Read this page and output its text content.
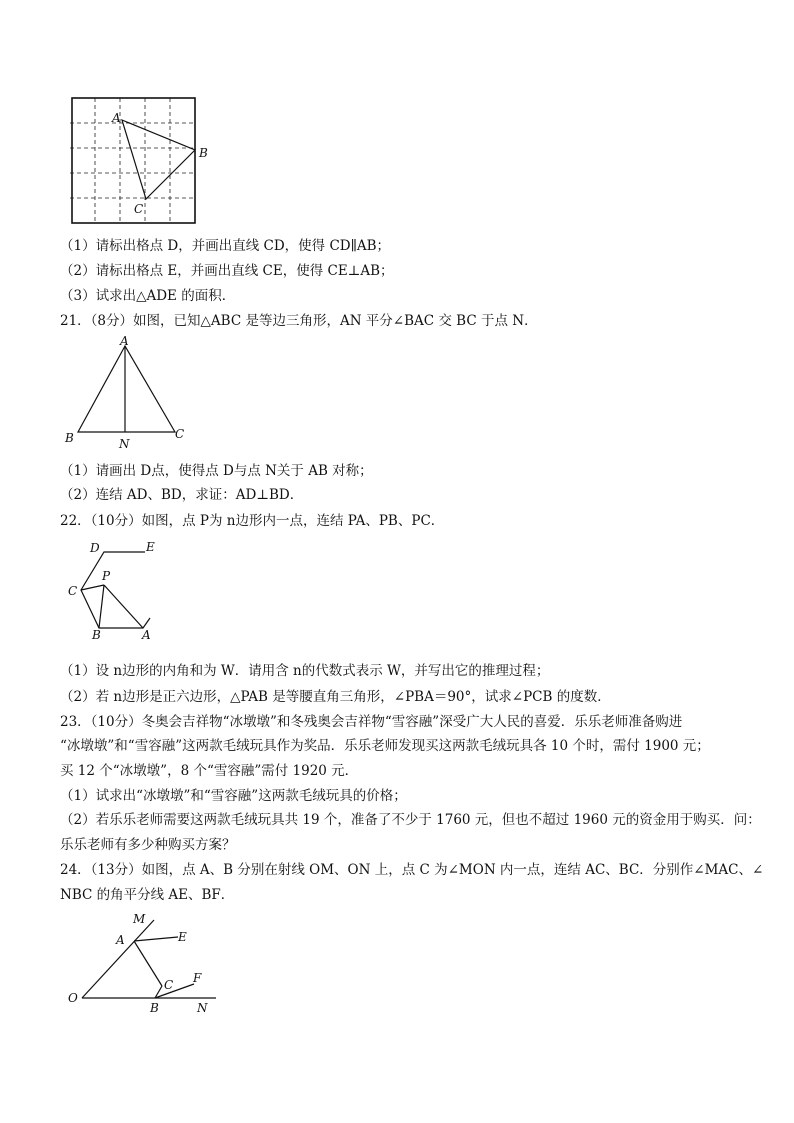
A
B
C
（1）请标出格点 D，并画出直线 CD，使得 CD∥AB；
（2）请标出格点 E，并画出直线 CE，使得 CE⊥AB；
（3）试求出△ADE 的面积．
21．（8分）如图，已知△ABC 是等边三角形，AN 平分∠BAC 交 BC 于点 N．
A
B	C
N
（1）请画出 D点，使得点 D与点 N关于 AB 对称；
（2）连结 AD、BD，求证：AD⊥BD．
22．（10分）如图，点 P为 n边形内一点，连结 PA、PB、PC．
D	E
C
P
B	A
（1）设 n边形的内角和为 W．请用含 n的代数式表示 W，并写出它的推理过程；
（2）若 n边形是正六边形，△PAB 是等腰直角三角形，∠PBA＝90°，试求∠PCB 的度数．
23．（10分）冬奥会吉祥物“冰墩墩”和冬残奥会吉祥物“雪容融”深受广大人民的喜爱．乐乐老师准备购进
“冰墩墩”和“雪容融”这两款毛绒玩具作为奖品．乐乐老师发现买这两款毛绒玩具各 10 个时，需付 1900 元；
买 12 个“冰墩墩”，8 个“雪容融”需付 1920 元．
（1）试求出“冰墩墩”和“雪容融”这两款毛绒玩具的价格；
（2）若乐乐老师需要这两款毛绒玩具共 19 个，准备了不少于 1760 元，但也不超过 1960 元的资金用于购买．问：
乐乐老师有多少种购买方案？
24．（13分）如图，点 A、B 分别在射线 OM、ON 上，点 C 为∠MON 内一点，连结 AC、BC．分别作∠MAC、∠
NBC 的角平分线 AE、BF．
M
E
A
C F
O
B	N
